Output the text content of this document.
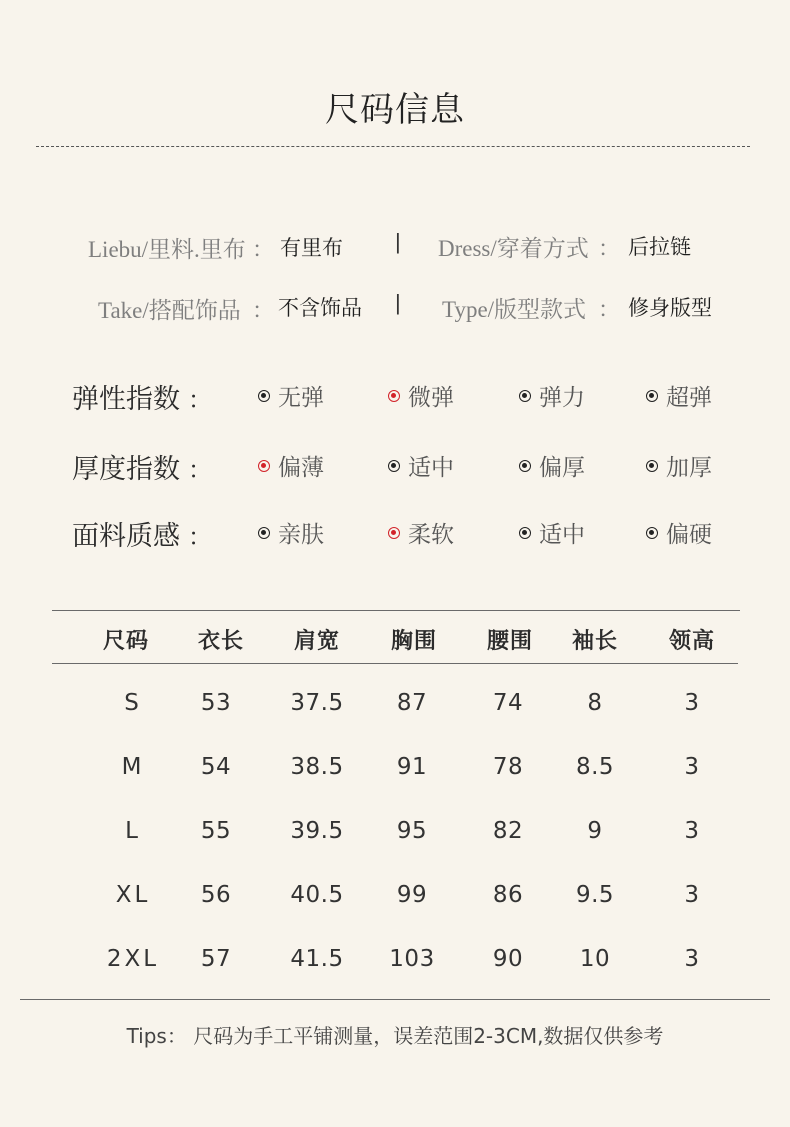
尺码信息
Liebu/里料.里布 ： 有里布 | Dress/穿着方式 ： 后拉链
Take/搭配饰品 ： 不含饰品 | Type/版型款式 ： 修身版型
弹性指数 ：	无弹	微弹	弹力	超弹
厚度指数 ：	偏薄	适中	偏厚	加厚
面料质感 ：	亲肤	柔软	适中	偏硬
尺码	衣长	肩宽	胸围	腰围	袖长	领高
S	53	37.5	87	74	8	3
M	54	38.5	91	78	8.5	3
L	55	39.5	95	82	9	3
XL	56	40.5	99	86	9.5	3
2XL	57	41.5	103	90	10	3
Tips： 尺码为手工平铺测量，误差范围2-3CM,数据仅供参考
